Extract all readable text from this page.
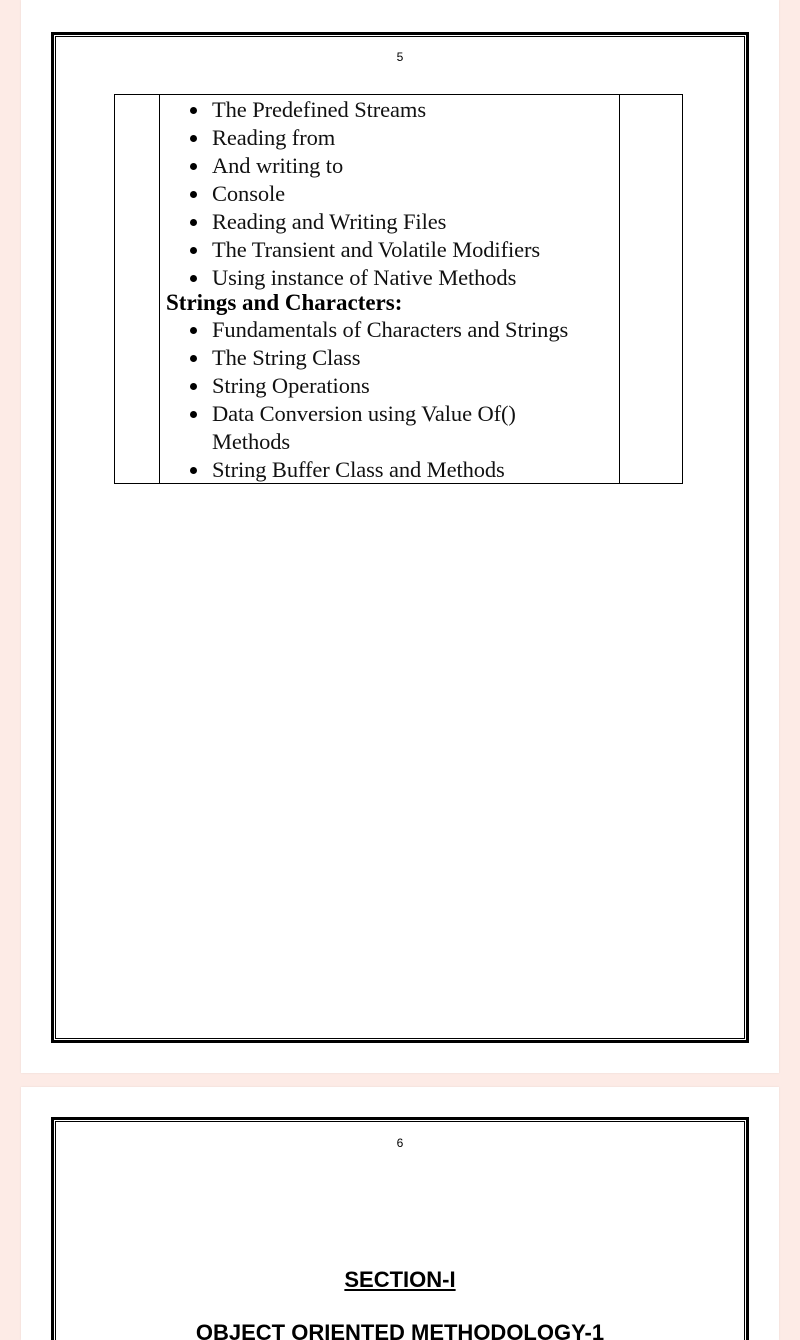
5
The Predefined Streams
Reading from
And writing to
Console
Reading and Writing Files
The Transient and Volatile Modifiers
Using instance of Native Methods
Strings and Characters:
Fundamentals of Characters and Strings
The String Class
String Operations
Data Conversion using Value Of()
Methods
String Buffer Class and Methods
6
SECTION-I
OBJECT ORIENTED METHODOLOGY-1
